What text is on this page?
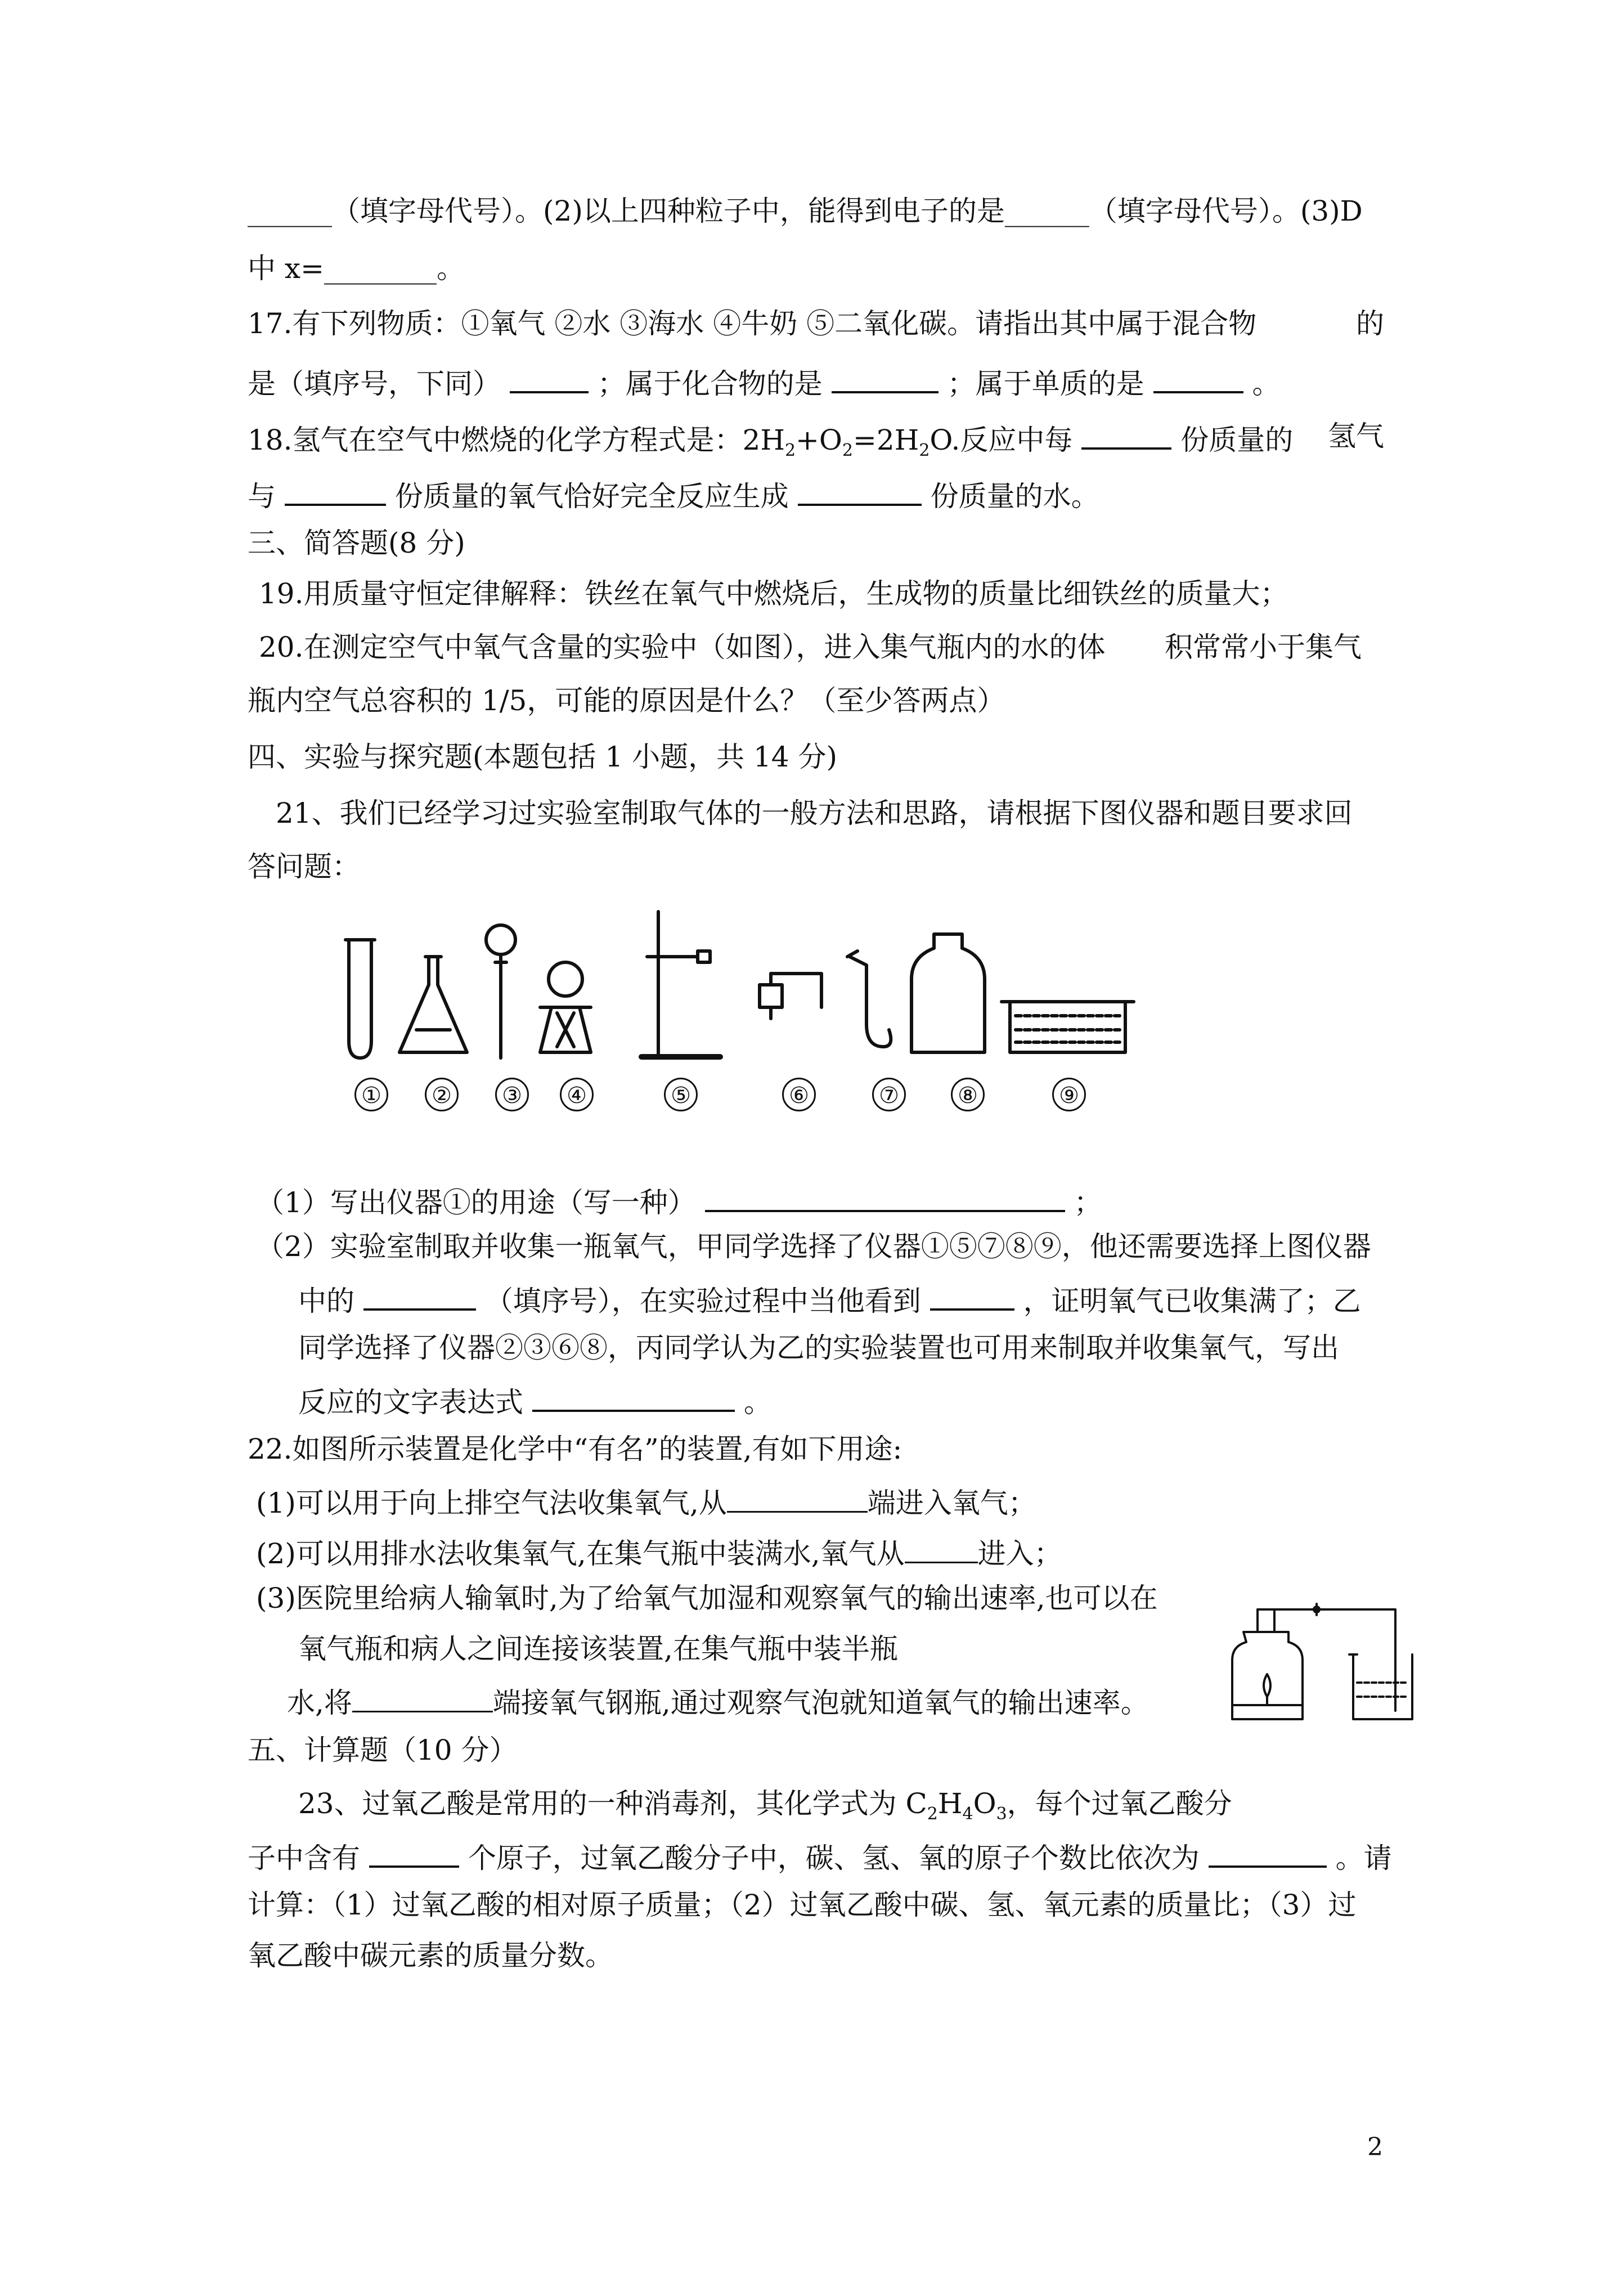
______（填字母代号）。(2)以上四种粒子中，能得到电子的是______（填字母代号）。(3)D
中 x=________。
17.有下列物质：①氧气 ②水 ③海水 ④牛奶 ⑤二氧化碳。请指出其中属于混合物	的
是（填序号，下同）	；属于化合物的是	；属于单质的是	。
18.氢气在空气中燃烧的化学方程式是：$2H_2+O_2=2H_2O$.反应中每	份质量的 氢气
与	份质量的氧气恰好完全反应生成	份质量的水。
三、简答题(8 分)
19.用质量守恒定律解释：铁丝在氧气中燃烧后，生成物的质量比细铁丝的质量大；
20.在测定空气中氧气含量的实验中（如图），进入集气瓶内的水的体 积常常小于集气
瓶内空气总容积的 1/5，可能的原因是什么？（至少答两点）
四、实验与探究题(本题包括 1 小题，共 14 分)
21、我们已经学习过实验室制取气体的一般方法和思路，请根据下图仪器和题目要求回
答问题：
①	②	③	④	⑤	⑥	⑦	⑧	⑨
（1）写出仪器①的用途（写一种）	；
（2）实验室制取并收集一瓶氧气，甲同学选择了仪器①⑤⑦⑧⑨，他还需要选择上图仪器
中的	（填序号），在实验过程中当他看到	，证明氧气已收集满了；乙
同学选择了仪器②③⑥⑧，丙同学认为乙的实验装置也可用来制取并收集氧气，写出
反应的文字表达式	。
22.如图所示装置是化学中“有名”的装置,有如下用途:
(1)可以用于向上排空气法收集氧气,从	端进入氧气；
(2)可以用排水法收集氧气,在集气瓶中装满水,氧气从	进入；
(3)医院里给病人输氧时,为了给氧气加湿和观察氧气的输出速率,也可以在
氧气瓶和病人之间连接该装置,在集气瓶中装半瓶
水,将	端接氧气钢瓶,通过观察气泡就知道氧气的输出速率。
五、计算题（10 分）
23、过氧乙酸是常用的一种消毒剂，其化学式为 $C_2H_4O_3$，每个过氧乙酸分
子中含有	个原子，过氧乙酸分子中，碳、氢、氧的原子个数比依次为	。请
计算：（1）过氧乙酸的相对原子质量；（2）过氧乙酸中碳、氢、氧元素的质量比；（3）过
氧乙酸中碳元素的质量分数。
2
